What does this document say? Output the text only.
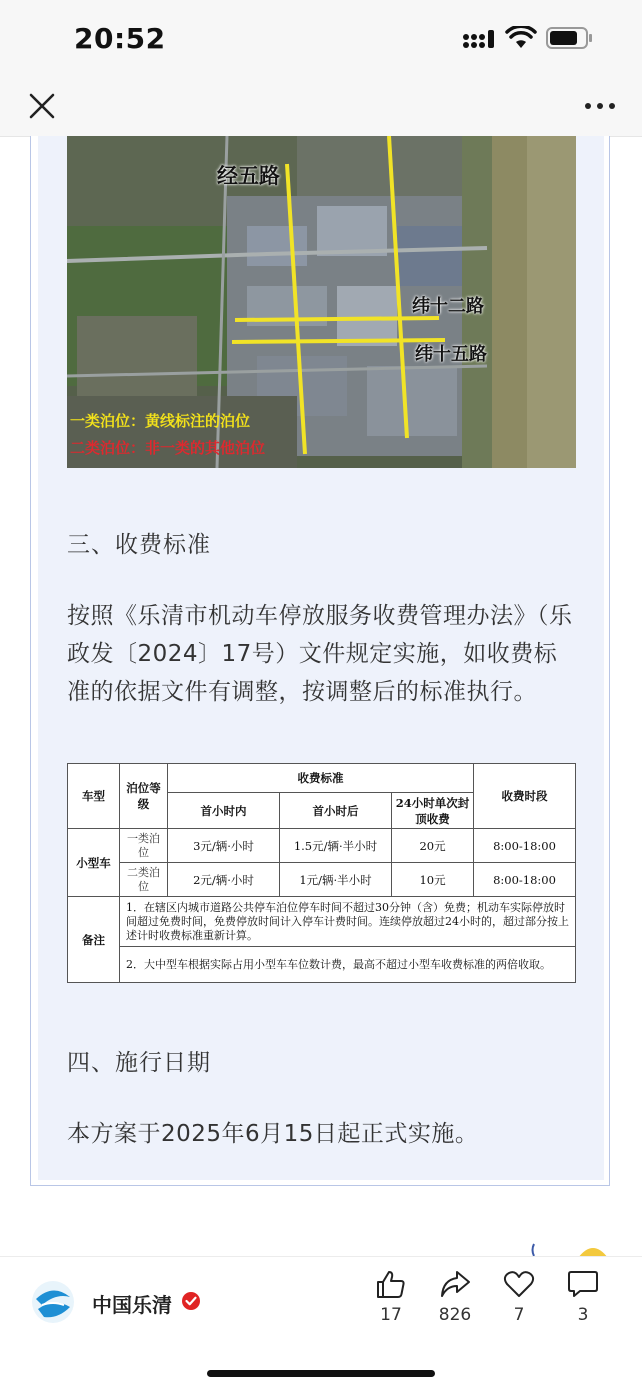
20:52
经五路
纬十二路
纬十五路
一类泊位：黄线标注的泊位
二类泊位：非一类的其他泊位
三、收费标准
按照《乐清市机动车停放服务收费管理办法》（乐政发〔2024〕17号）文件规定实施，如收费标准的依据文件有调整，按调整后的标准执行。
车型	泊位等级	收费标准			收费时段
		首小时内	首小时后	24小时单次封顶收费	
小型车	一类泊位	3元/辆·小时	1.5元/辆·半小时	20元	8:00-18:00
	二类泊位	2元/辆·小时	1元/辆·半小时	10元	8:00-18:00
备注	1．在辖区内城市道路公共停车泊位停车时间不超过30分钟（含）免费；机动车实际停放时间超过免费时间，免费停放时间计入停车计费时间。连续停放超过24小时的，超过部分按上述计时收费标准重新计算。				
	2．大中型车根据实际占用小型车车位数计费，最高不超过小型车收费标准的两倍收取。				
四、施行日期
本方案于2025年6月15日起正式实施。
中国乐清	17	826	7	3
